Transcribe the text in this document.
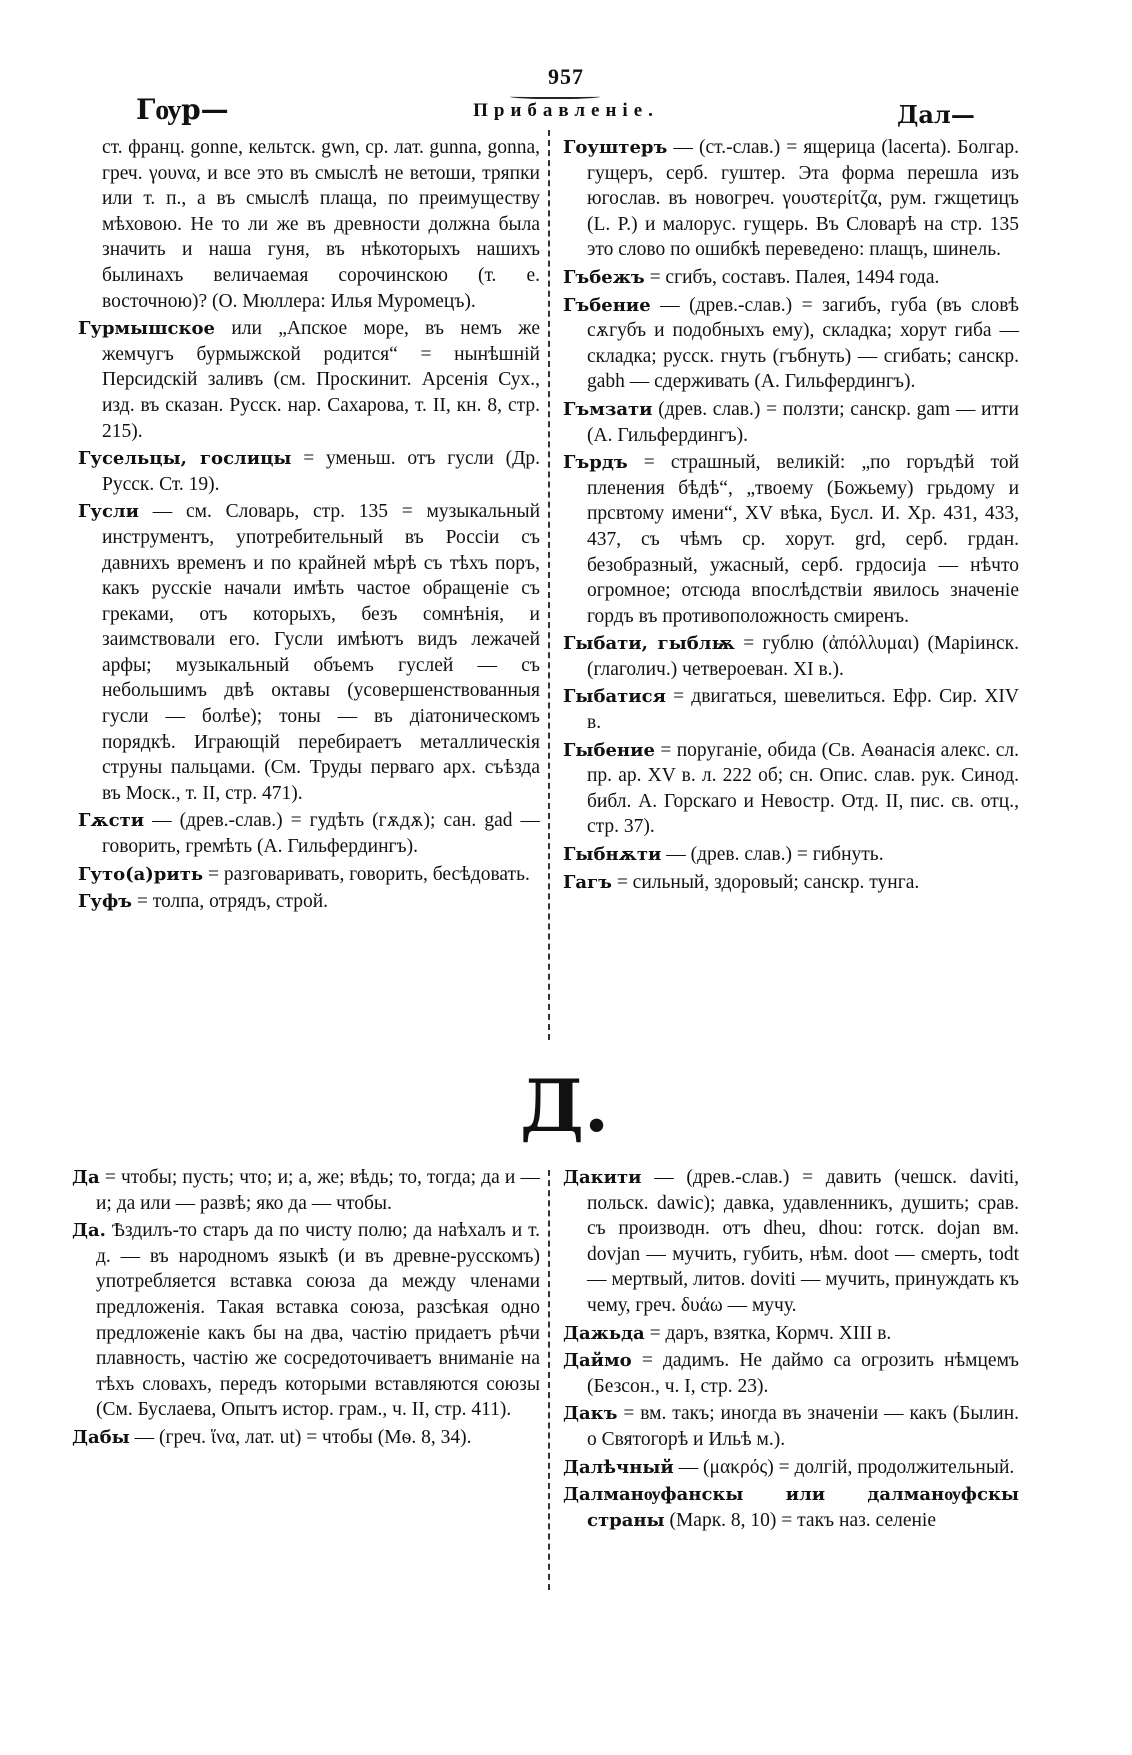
957
Гѹр—	Прибавленіе.	Дал—

ст. франц. gonne, кельтск. gwn, ср. лат. gunna, gonna, греч. γουνα, и все это въ смыслѣ не ветоши, тряпки или т. п., а въ смыслѣ плаща, по преимуществу мѣховою. Не то ли же въ древности должна была значить и наша гуня, въ нѣкоторыхъ нашихъ былинахъ величаемая сорочинскою (т. е. восточною)? (О. Мюллера: Илья Муромецъ).

Гурмышское или „Апское море, въ немъ же жемчугъ бурмыжской родится“ = нынѣшній Персидскій заливъ (см. Проскинит. Арсенія Сух., изд. въ сказан. Русск. нар. Сахарова, т. II, кн. 8, стр. 215).

Гусельцы, гослицы = уменьш. отъ гусли (Др. Русск. Ст. 19).

Гусли — см. Словарь, стр. 135 = музыкальный инструментъ, употребительный въ Россіи съ давнихъ временъ и по крайней мѣрѣ съ тѣхъ поръ, какъ русскіе начали имѣть частое обращеніе съ греками, отъ которыхъ, безъ сомнѣнія, и заимствовали его. Гусли имѣютъ видъ лежачей арфы; музыкальный объемъ гуслей — съ небольшимъ двѣ октавы (усовершенствованныя гусли — болѣе); тоны — въ діатоническомъ порядкѣ. Играющій перебираетъ металлическія струны пальцами. (См. Труды перваго арх. съѣзда въ Моск., т. II, стр. 471).

Гѫсти — (древ.-слав.) = гудѣть (гѫдѫ); сан. gad — говорить, гремѣть (А. Гильфердингъ).

Гуто(а)рить = разговаривать, говорить, бесѣдовать.

Гуфъ = толпа, отрядъ, строй.

Гоуштеръ — (ст.-слав.) = ящерица (lacerta). Болгар. гущеръ, серб. гуштер. Эта форма перешла изъ югослав. въ новогреч. γουστερίτζα, рум. гжщетицъ (L. P.) и малорус. гущерь. Въ Словарѣ на стр. 135 это слово по ошибкѣ переведено: плащъ, шинель.

Гъбежъ = сгибъ, составъ. Палея, 1494 года.

Гъбение — (древ.-слав.) = загибъ, губа (въ словѣ сѫгубъ и подобныхъ ему), складка; хорут гиба — складка; русск. гнуть (гъбнуть) — сгибать; санскр. gabh — сдерживать (А. Гильфердингъ).

Гъмзати (древ. слав.) = ползти; санскр. gam — итти (А. Гильфердингъ).

Гърдъ = страшный, великій: „по горъдѣй той пленения бѣдѣ“, „твоему (Божьему) грьдому и прсвтому имени“, XV вѣка, Бусл. И. Хр. 431, 433, 437, съ чѣмъ ср. хорут. grd, серб. грдан. безобразный, ужасный, серб. грдосиja — нѣчто огромное; отсюда впослѣдствіи явилось значеніе гордъ въ противоположность смиренъ.

Гыбати, гыблѭ = гублю (ἀπόλλυμαι) (Маріинск. (глаголич.) четвероеван. XI в.).

Гыбатися = двигаться, шевелиться. Ефр. Сир. XIV в.

Гыбение = поруганіе, обида (Св. Аѳанасія алекс. сл. пр. ар. XV в. л. 222 об; сн. Опис. слав. рук. Синод. библ. А. Горскаго и Невостр. Отд. II, пис. св. отц., стр. 37).

Гыбнѫти — (древ. слав.) = гибнуть.

Гагъ = сильный, здоровый; санскр. тунга.

Д.

Да = чтобы; пусть; что; и; а, же; вѣдь; то, тогда; да и — и; да или — развѣ; яко да — чтобы.

Да. Ѣздилъ-то старъ да по чисту полю; да наѣхалъ и т. д. — въ народномъ языкѣ (и въ древне-русскомъ) употребляется вставка союза да между членами предложенія. Такая вставка союза, разсѣкая одно предложеніе какъ бы на два, частію придаетъ рѣчи плавность, частію же сосредоточиваетъ вниманіе на тѣхъ словахъ, передъ которыми вставляются союзы (См. Буслаева, Опытъ истор. грам., ч. II, стр. 411).

Дабы — (греч. ἵνα, лат. ut) = чтобы (Мѳ. 8, 34).

Дакити — (древ.-слав.) = давить (чешск. daviti, польск. dawic); давка, удавленникъ, душить; срав. съ производн. отъ dheu, dhou: готск. dojan вм. dovjan — мучить, губить, нѣм. doot — смерть, todt — мертвый, литов. doviti — мучить, принуждать къ чему, греч. δυάω — мучу.

Дажьда = даръ, взятка, Кормч. XIII в.

Даймо = дадимъ. Не даймо са огрозить нѣмцемъ (Безсон., ч. I, стр. 23).

Дакъ = вм. такъ; иногда въ значеніи — какъ (Былин. о Святогорѣ и Ильѣ м.).

Далѣчный — (μακρός) = долгій, продолжительный.

Далманѹфанскы или далманѹфскы страны (Марк. 8, 10) = такъ наз. селеніе
